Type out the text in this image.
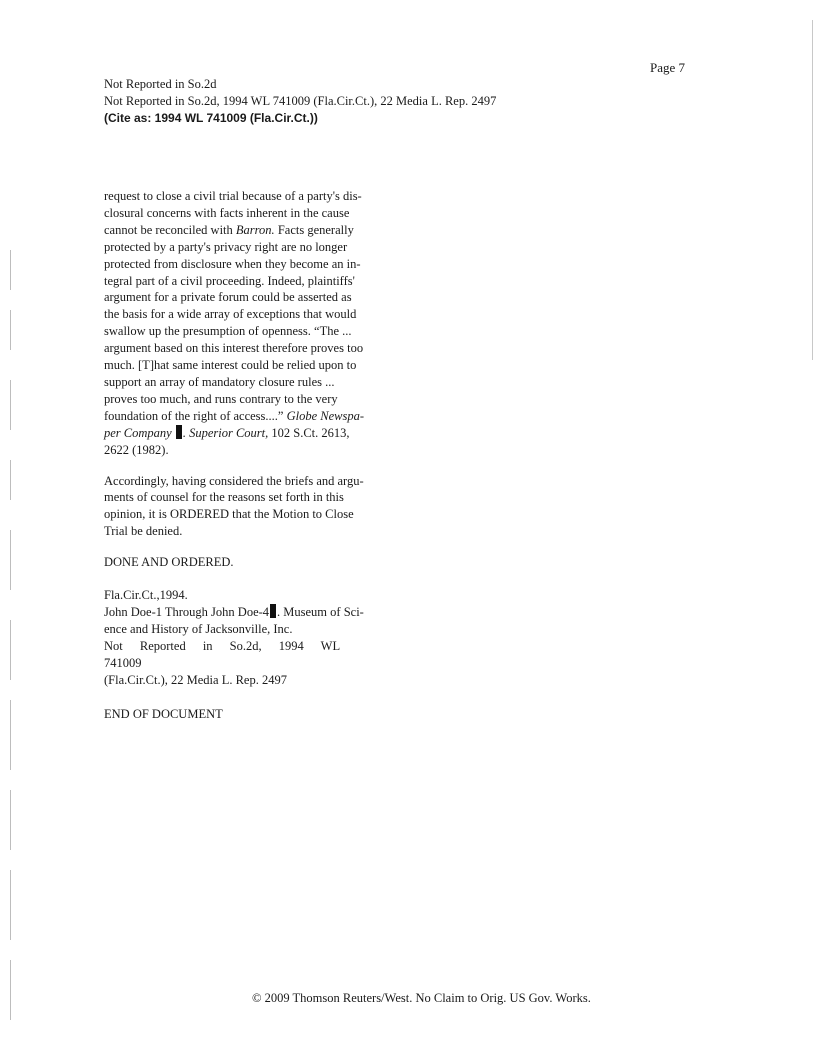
Page 7
Not Reported in So.2d
Not Reported in So.2d, 1994 WL 741009 (Fla.Cir.Ct.), 22 Media L. Rep. 2497
(Cite as: 1994 WL 741009 (Fla.Cir.Ct.))

request to close a civil trial because of a party's dis-
closural concerns with facts inherent in the cause
cannot be reconciled with Barron. Facts generally
protected by a party's privacy right are no longer
protected from disclosure when they become an in-
tegral part of a civil proceeding. Indeed, plaintiffs'
argument for a private forum could be asserted as
the basis for a wide array of exceptions that would
swallow up the presumption of openness. “The ...
argument based on this interest therefore proves too
much. [T]hat same interest could be relied upon to
support an array of mandatory closure rules ...
proves too much, and runs contrary to the very
foundation of the right of access....” Globe Newspa-
per Company . Superior Court, 102 S.Ct. 2613,
2622 (1982).

Accordingly, having considered the briefs and argu-
ments of counsel for the reasons set forth in this
opinion, it is ORDERED that the Motion to Close
Trial be denied.

DONE AND ORDERED.

Fla.Cir.Ct.,1994.
John Doe-1 Through John Doe-4 . Museum of Sci-
ence and History of Jacksonville, Inc.
Not Reported in So.2d, 1994 WL 741009
(Fla.Cir.Ct.), 22 Media L. Rep. 2497

END OF DOCUMENT

© 2009 Thomson Reuters/West. No Claim to Orig. US Gov. Works.
